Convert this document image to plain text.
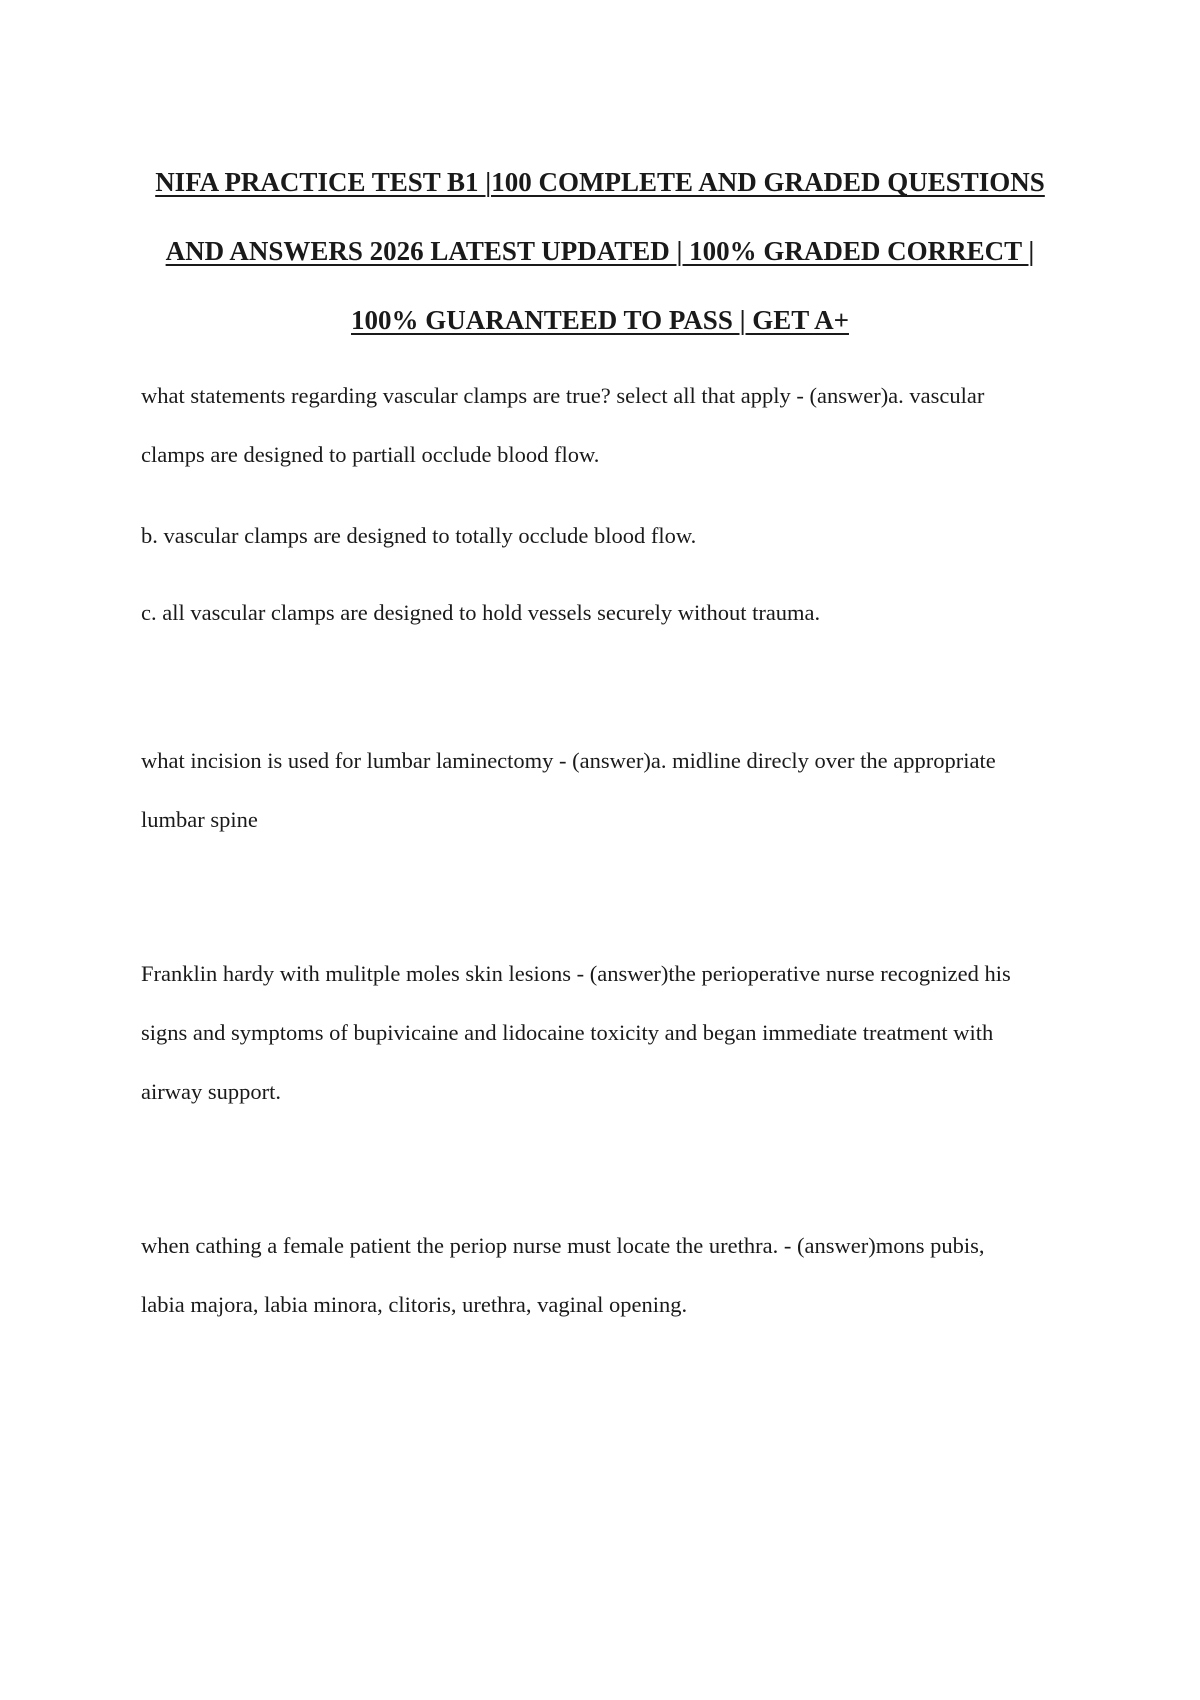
NIFA PRACTICE TEST B1 |100 COMPLETE AND GRADED QUESTIONS
AND ANSWERS 2026 LATEST UPDATED | 100% GRADED CORRECT |
100% GUARANTEED TO PASS | GET A+

what statements regarding vascular clamps are true? select all that apply - (answer)a. vascular
clamps are designed to partiall occlude blood flow.

b. vascular clamps are designed to totally occlude blood flow.

c. all vascular clamps are designed to hold vessels securely without trauma.

what incision is used for lumbar laminectomy - (answer)a. midline direcly over the appropriate
lumbar spine

Franklin hardy with mulitple moles skin lesions - (answer)the perioperative nurse recognized his
signs and symptoms of bupivicaine and lidocaine toxicity and began immediate treatment with
airway support.

when cathing a female patient the periop nurse must locate the urethra. - (answer)mons pubis,
labia majora, labia minora, clitoris, urethra, vaginal opening.
